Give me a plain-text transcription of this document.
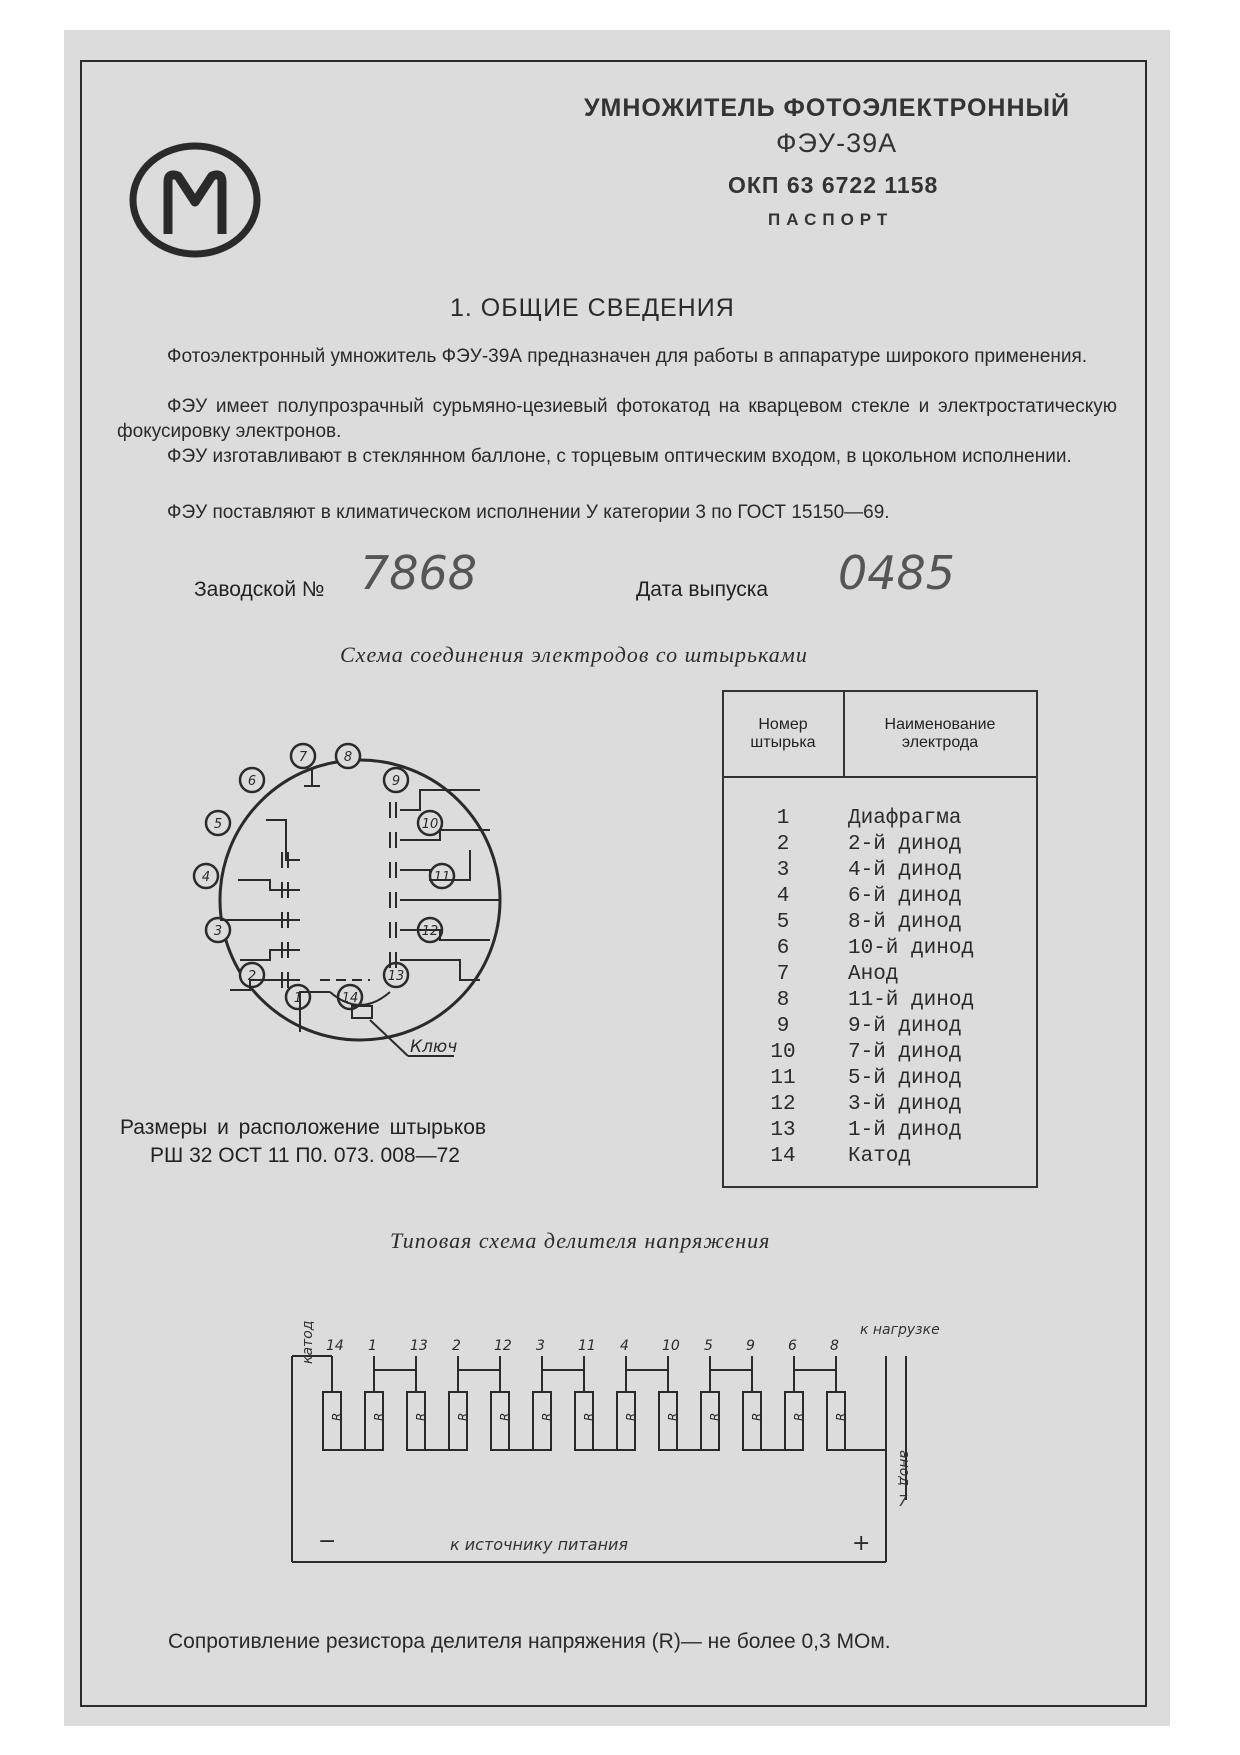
УМНОЖИТЕЛЬ ФОТОЭЛЕКТРОННЫЙ
ФЭУ-39А
ОКП 63 6722 1158
ПАСПОРТ
1. ОБЩИЕ СВЕДЕНИЯ

Фотоэлектронный умножитель ФЭУ-39А предназначен для работы в аппаратуре широкого применения.

ФЭУ имеет полупрозрачный сурьмяно-цезиевый фотокатод на кварцевом стекле и электростатическую фокусировку электронов.

ФЭУ изготавливают в стеклянном баллоне, с торцевым оптическим входом, в цокольном исполнении.

ФЭУ поставляют в климатическом исполнении У категории 3 по ГОСТ 15150—69.

Заводской № 7868	Дата выпуска 0485
Схема соединения электродов со штырьками
1
2
3
4
5
6
7	8
9
10
11
12
13
14
Ключ
Размеры и расположение штырьков
РШ 32 ОСТ 11 П0. 073. 008—72
Номер
штырька
Наименование
электрода
1	Диафрагма
2	2-й динод
3	4-й динод
4	6-й динод
5	8-й динод
6	10-й динод
7	Анод
8	11-й динод
9	9-й динод
10	7-й динод
11	5-й динод
12	3-й динод
13	1-й динод
14	Катод
Типовая схема делителя напряжения
R R R R R R R R R R R R R
14 1 13 2 12 3 11 4 10 5 9 6 8
катод	к нагрузке
анод
7
к источнику питания
−	+
Сопротивление резистора делителя напряжения (R)— не более 0,3 МОм.
